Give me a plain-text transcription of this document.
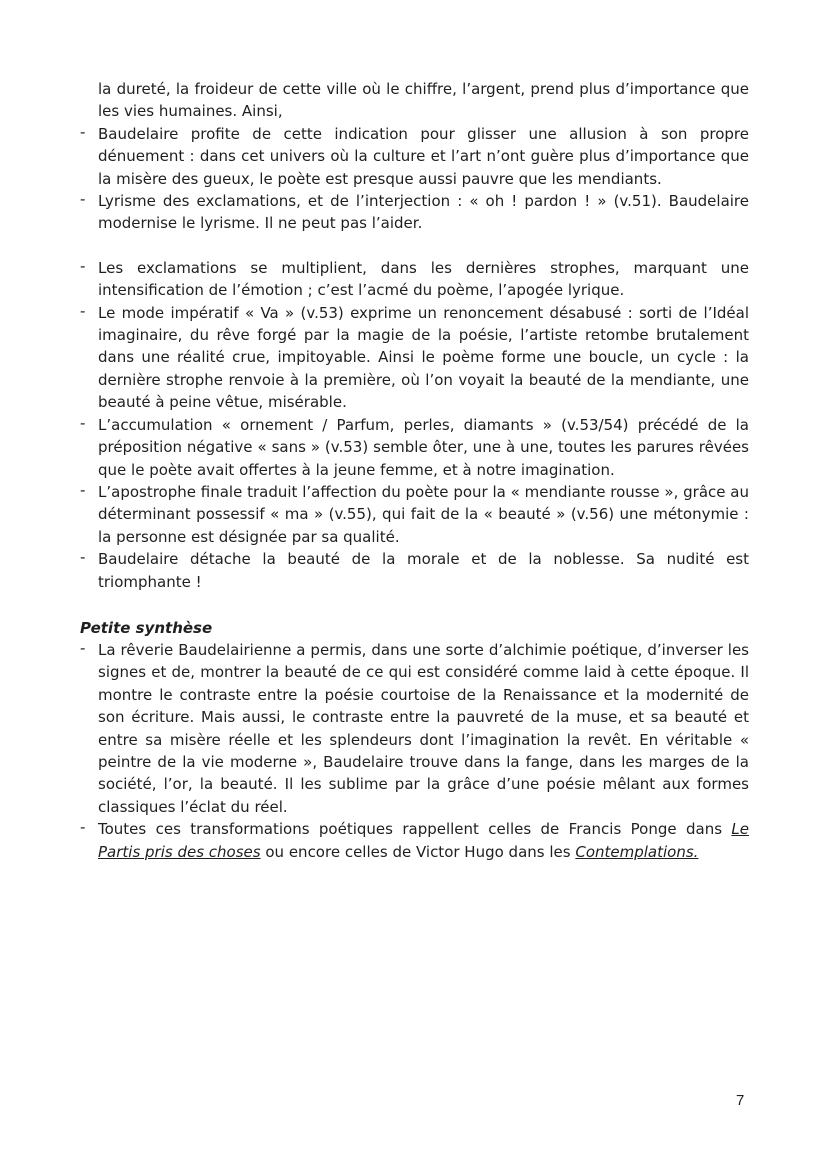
la dureté, la froideur de cette ville où le chiffre, l’argent, prend plus d’importance que les vies humaines. Ainsi,

- Baudelaire profite de cette indication pour glisser une allusion à son propre dénuement : dans cet univers où la culture et l’art n’ont guère plus d’importance que la misère des gueux, le poète est presque aussi pauvre que les mendiants.
- Lyrisme des exclamations, et de l’interjection : « oh ! pardon ! » (v.51). Baudelaire modernise le lyrisme. Il ne peut pas l’aider.
- Les exclamations se multiplient, dans les dernières strophes, marquant une intensification de l’émotion ; c’est l’acmé du poème, l’apogée lyrique.
- Le mode impératif « Va » (v.53) exprime un renoncement désabusé : sorti de l’Idéal imaginaire, du rêve forgé par la magie de la poésie, l’artiste retombe brutalement dans une réalité crue, impitoyable. Ainsi le poème forme une boucle, un cycle : la dernière strophe renvoie à la première, où l’on voyait la beauté de la mendiante, une beauté à peine vêtue, misérable.
- L’accumulation « ornement / Parfum, perles, diamants » (v.53/54) précédé de la préposition négative « sans » (v.53) semble ôter, une à une, toutes les parures rêvées que le poète avait offertes à la jeune femme, et à notre imagination.
- L’apostrophe finale traduit l’affection du poète pour la « mendiante rousse », grâce au déterminant possessif « ma » (v.55), qui fait de la « beauté » (v.56) une métonymie : la personne est désignée par sa qualité.
- Baudelaire détache la beauté de la morale et de la noblesse. Sa nudité est triomphante !

Petite synthèse

- La rêverie Baudelairienne a permis, dans une sorte d’alchimie poétique, d’inverser les signes et de, montrer la beauté de ce qui est considéré comme laid à cette époque. Il montre le contraste entre la poésie courtoise de la Renaissance et la modernité de son écriture. Mais aussi, le contraste entre la pauvreté de la muse, et sa beauté et entre sa misère réelle et les splendeurs dont l’imagination la revêt. En véritable « peintre de la vie moderne », Baudelaire trouve dans la fange, dans les marges de la société, l’or, la beauté. Il les sublime par la grâce d’une poésie mêlant aux formes classiques l’éclat du réel.
- Toutes ces transformations poétiques rappellent celles de Francis Ponge dans Le Partis pris des choses ou encore celles de Victor Hugo dans les Contemplations.
7
